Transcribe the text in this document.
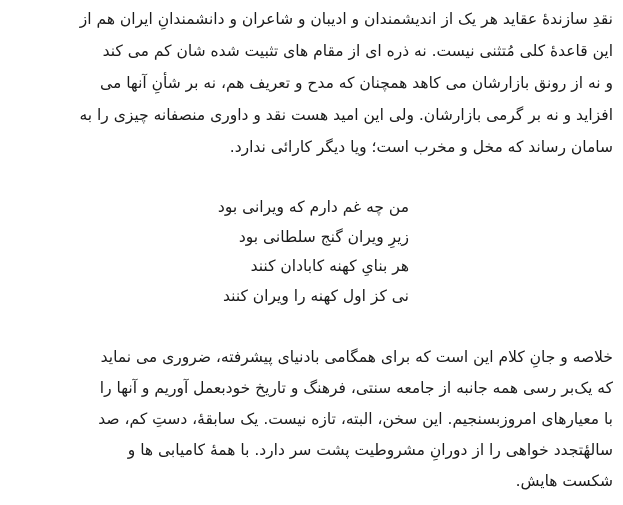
نقدِ سازندهٔ عقاید هر یک از اندیشمندان و ادیبان و شاعران و دانشمندانِ ایران هم از
این قاعدهٔ کلی مُتثنی نیست. نه ذره ای از مقام های تثبیت شده شان کم می کند
و نه از رونق بازارشان می کاهد همچنان که مدح و تعریف هم، نه بر شأنِ آنها می
افزاید و نه بر گرمی بازارشان. ولی این امید هست نقد و داوری منصفانه چیزی را به
سامان رساند که مخل و مخرب است؛ ویا دیگر کارائی ندارد.
من چه غم دارم که ویرانی بود
زیرِ ویران گنج سلطانی بود
هر بنایِ کهنه کابادان کنند
نی کز اول کهنه را ویران کنند
خلاصه و جانِ کلام این است که برای همگامی بادنیای پیشرفته، ضروری می نماید
که یک‌بر رسی همه جانبه از جامعه سنتی، فرهنگ و تاریخ خودبعمل آوریم و آنها را
با معیارهای امروزبسنجیم. این سخن، البته، تازه نیست. یک سابقهٔ، دستِ کم، صد
سالهٔتجدد خواهی را از دورانِ مشروطیت پشت سر دارد. با همهٔ کامیابی ها و
شکست هایش.
